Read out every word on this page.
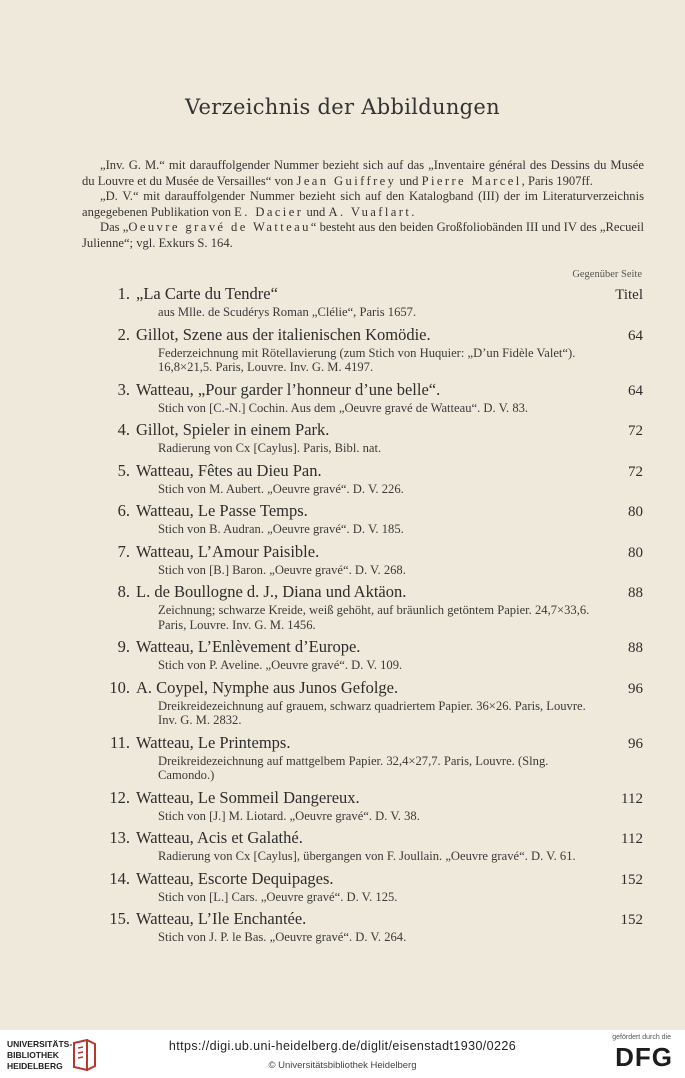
Verzeichnis der Abbildungen

„Inv. G. M.“ mit darauffolgender Nummer bezieht sich auf das „Inventaire général des Dessins du Musée du Louvre et du Musée de Versailles“ von Jean Guiffrey und Pierre Marcel, Paris 1907ff.

„D. V.“ mit darauffolgender Nummer bezieht sich auf den Katalogband (III) der im Literaturverzeichnis angegebenen Publikation von E. Dacier und A. Vuaflart.

Das „Oeuvre gravé de Watteau“ besteht aus den beiden Großfoliobänden III und IV des „Recueil Julienne“; vgl. Exkurs S. 164.

Gegenüber Seite
1. „La Carte du Tendre“	Titel
aus Mlle. de Scudérys Roman „Clélie“, Paris 1657.
2. Gillot, Szene aus der italienischen Komödie.	64
Federzeichnung mit Rötellavierung (zum Stich von Huquier: „D’un Fidèle Valet“). 16,8×21,5. Paris, Louvre. Inv. G. M. 4197.
3. Watteau, „Pour garder l’honneur d’une belle“.	64
Stich von [C.-N.] Cochin. Aus dem „Oeuvre gravé de Watteau“. D. V. 83.
4. Gillot, Spieler in einem Park.	72
Radierung von Cx [Caylus]. Paris, Bibl. nat.
5. Watteau, Fêtes au Dieu Pan.	72
Stich von M. Aubert. „Oeuvre gravé“. D. V. 226.
6. Watteau, Le Passe Temps.	80
Stich von B. Audran. „Oeuvre gravé“. D. V. 185.
7. Watteau, L’Amour Paisible.	80
Stich von [B.] Baron. „Oeuvre gravé“. D. V. 268.
8. L. de Boullogne d. J., Diana und Aktäon.	88
Zeichnung; schwarze Kreide, weiß gehöht, auf bräunlich getöntem Papier. 24,7×33,6. Paris, Louvre. Inv. G. M. 1456.
9. Watteau, L’Enlèvement d’Europe.	88
Stich von P. Aveline. „Oeuvre gravé“. D. V. 109.
10. A. Coypel, Nymphe aus Junos Gefolge.	96
Dreikreidezeichnung auf grauem, schwarz quadriertem Papier. 36×26. Paris, Louvre. Inv. G. M. 2832.
11. Watteau, Le Printemps.	96
Dreikreidezeichnung auf mattgelbem Papier. 32,4×27,7. Paris, Louvre. (Slng. Camondo.)
12. Watteau, Le Sommeil Dangereux.	112
Stich von [J.] M. Liotard. „Oeuvre gravé“. D. V. 38.
13. Watteau, Acis et Galathé.	112
Radierung von Cx [Caylus], übergangen von F. Joullain. „Oeuvre gravé“. D. V. 61.
14. Watteau, Escorte Dequipages.	152
Stich von [L.] Cars. „Oeuvre gravé“. D. V. 125.
15. Watteau, L’Ile Enchantée.	152
Stich von J. P. le Bas. „Oeuvre gravé“. D. V. 264.
UNIVERSITÄTS-
BIBLIOTHEK
HEIDELBERG
https://digi.ub.uni-heidelberg.de/diglit/eisenstadt1930/0226
© Universitätsbibliothek Heidelberg
gefördert durch die
DFG
